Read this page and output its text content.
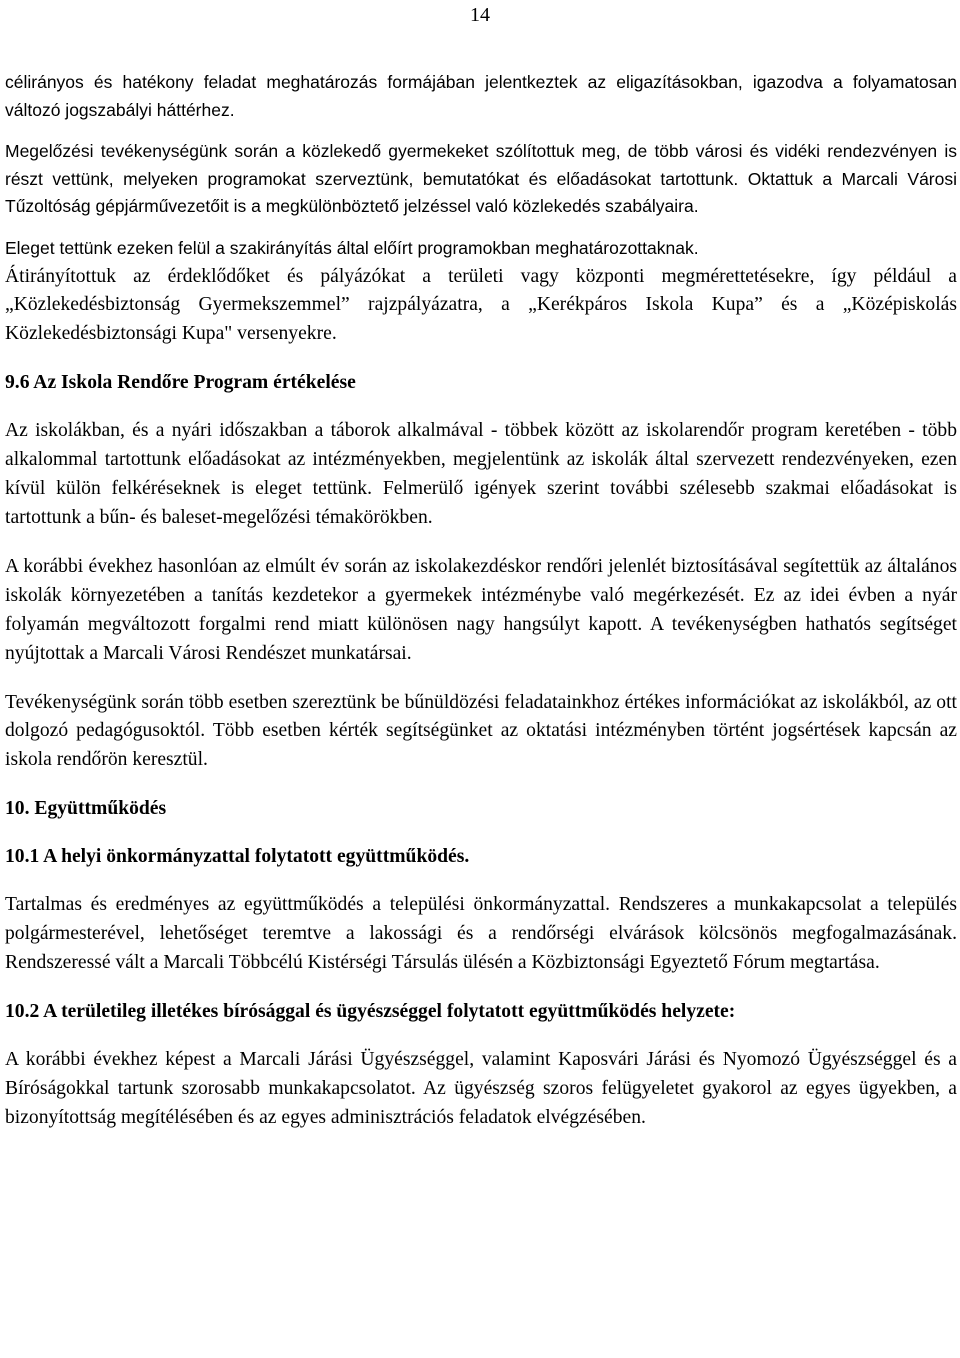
14

célirányos és hatékony feladat meghatározás formájában jelentkeztek az eligazításokban, igazodva a folyamatosan változó jogszabályi háttérhez.

Megelőzési tevékenységünk során a közlekedő gyermekeket szólítottuk meg, de több városi és vidéki rendezvényen is részt vettünk, melyeken programokat szerveztünk, bemutatókat és előadásokat tartottunk. Oktattuk a Marcali Városi Tűzoltóság gépjárművezetőit is a megkülönböztető jelzéssel való közlekedés szabályaira.

Eleget tettünk ezeken felül a szakirányítás által előírt programokban meghatározottaknak.

Átirányítottuk az érdeklődőket és pályázókat a területi vagy központi megmérettetésekre, így például a „Közlekedésbiztonság Gyermekszemmel” rajzpályázatra, a „Kerékpáros Iskola Kupa” és a „Középiskolás Közlekedésbiztonsági Kupa" versenyekre.

9.6 Az Iskola Rendőre Program értékelése

Az iskolákban, és a nyári időszakban a táborok alkalmával - többek között az iskolarendőr program keretében - több alkalommal tartottunk előadásokat az intézményekben, megjelentünk az iskolák által szervezett rendezvényeken, ezen kívül külön felkéréseknek is eleget tettünk. Felmerülő igények szerint további szélesebb szakmai előadásokat is tartottunk a bűn- és baleset-megelőzési témakörökben.

A korábbi évekhez hasonlóan az elmúlt év során az iskolakezdéskor rendőri jelenlét biztosításával segítettük az általános iskolák környezetében a tanítás kezdetekor a gyermekek intézménybe való megérkezését. Ez az idei évben a nyár folyamán megváltozott forgalmi rend miatt különösen nagy hangsúlyt kapott. A tevékenységben hathatós segítséget nyújtottak a Marcali Városi Rendészet munkatársai.

Tevékenységünk során több esetben szereztünk be bűnüldözési feladatainkhoz értékes információkat az iskolákból, az ott dolgozó pedagógusoktól. Több esetben kérték segítségünket az oktatási intézményben történt jogsértések kapcsán az iskola rendőrön keresztül.

10. Együttműködés
10.1 A helyi önkormányzattal folytatott együttműködés.

Tartalmas és eredményes az együttműködés a települési önkormányzattal. Rendszeres a munkakapcsolat a település polgármesterével, lehetőséget teremtve a lakossági és a rendőrségi elvárások kölcsönös megfogalmazásának. Rendszeressé vált a Marcali Többcélú Kistérségi Társulás ülésén a Közbiztonsági Egyeztető Fórum megtartása.

10.2 A területileg illetékes bírósággal és ügyészséggel folytatott együttműködés helyzete:

A korábbi évekhez képest a Marcali Járási Ügyészséggel, valamint Kaposvári Járási és Nyomozó Ügyészséggel és a Bíróságokkal tartunk szorosabb munkakapcsolatot. Az ügyészség szoros felügyeletet gyakorol az egyes ügyekben, a bizonyítottság megítélésében és az egyes adminisztrációs feladatok elvégzésében.
